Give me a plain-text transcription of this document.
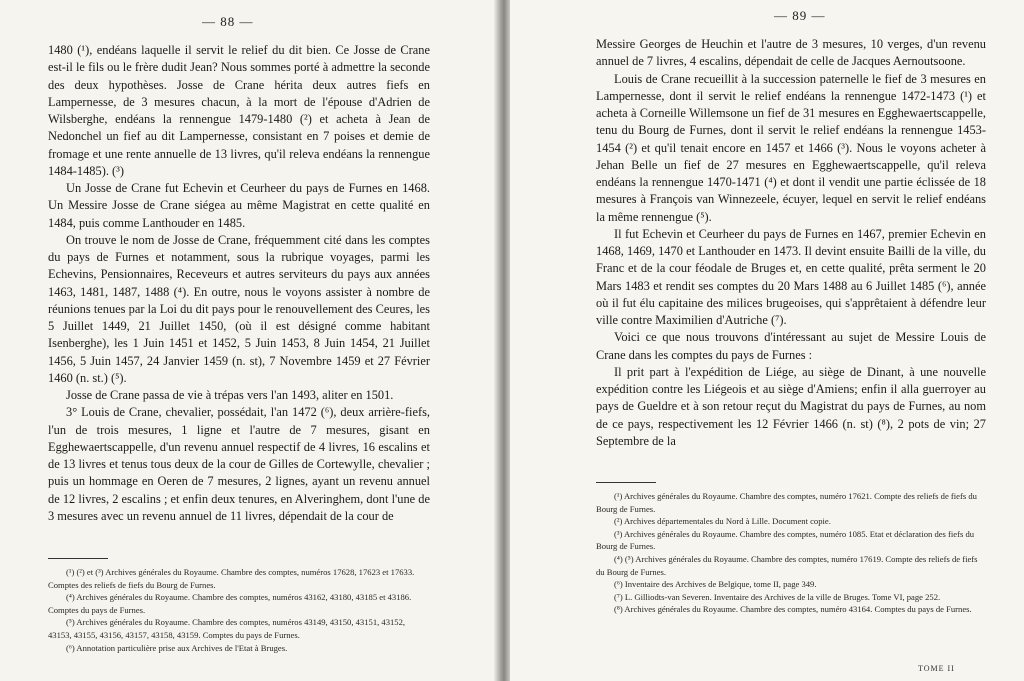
— 88 —

1480 (¹), endéans laquelle il servit le relief du dit bien. Ce Josse de Crane est-il le fils ou le frère dudit Jean? Nous sommes porté à admettre la seconde des deux hypothèses. Josse de Crane hérita deux autres fiefs en Lampernesse, de 3 mesures chacun, à la mort de l'épouse d'Adrien de Wilsberghe, endéans la rennengue 1479-1480 (²) et acheta à Jean de Nedonchel un fief au dit Lampernesse, consistant en 7 poises et demie de fromage et une rente annuelle de 13 livres, qu'il releva endéans la rennengue 1484-1485). (³)

Un Josse de Crane fut Echevin et Ceurheer du pays de Furnes en 1468. Un Messire Josse de Crane siégea au même Magistrat en cette qualité en 1484, puis comme Lanthouder en 1485.

On trouve le nom de Josse de Crane, fréquemment cité dans les comptes du pays de Furnes et notamment, sous la rubrique voyages, parmi les Echevins, Pensionnaires, Receveurs et autres serviteurs du pays aux années 1463, 1481, 1487, 1488 (⁴). En outre, nous le voyons assister à nombre de réunions tenues par la Loi du dit pays pour le renouvellement des Ceures, les 5 Juillet 1449, 21 Juillet 1450, (où il est désigné comme habitant Isenberghe), les 1 Juin 1451 et 1452, 5 Juin 1453, 8 Juin 1454, 21 Juillet 1456, 5 Juin 1457, 24 Janvier 1459 (n. st), 7 Novembre 1459 et 27 Février 1460 (n. st.) (⁵).

Josse de Crane passa de vie à trépas vers l'an 1493, aliter en 1501.

3° Louis de Crane, chevalier, possédait, l'an 1472 (⁶), deux arrière-fiefs, l'un de trois mesures, 1 ligne et l'autre de 7 mesures, gisant en Egghewaertscappelle, d'un revenu annuel respectif de 4 livres, 16 escalins et de 13 livres et tenus tous deux de la cour de Gilles de Cortewylle, chevalier ; puis un hommage en Oeren de 7 mesures, 2 lignes, ayant un revenu annuel de 12 livres, 2 escalins ; et enfin deux tenures, en Alveringhem, dont l'une de 3 mesures avec un revenu annuel de 11 livres, dépendait de la cour de

(¹) (²) et (³) Archives générales du Royaume. Chambre des comptes, numéros 17628, 17623 et 17633. Comptes des reliefs de fiefs du Bourg de Furnes.

(⁴) Archives générales du Royaume. Chambre des comptes, numéros 43162, 43180, 43185 et 43186. Comptes du pays de Furnes.

(⁵) Archives générales du Royaume. Chambre des comptes, numéros 43149, 43150, 43151, 43152, 43153, 43155, 43156, 43157, 43158, 43159. Comptes du pays de Furnes.

(⁶) Annotation particulière prise aux Archives de l'Etat à Bruges.

— 89 —

Messire Georges de Heuchin et l'autre de 3 mesures, 10 verges, d'un revenu annuel de 7 livres, 4 escalins, dépendait de celle de Jacques Aernoutsoone.

Louis de Crane recueillit à la succession paternelle le fief de 3 mesures en Lampernesse, dont il servit le relief endéans la rennengue 1472-1473 (¹) et acheta à Corneille Willemsone un fief de 31 mesures en Egghewaertscappelle, tenu du Bourg de Furnes, dont il servit le relief endéans la rennengue 1453-1454 (²) et qu'il tenait encore en 1457 et 1466 (³). Nous le voyons acheter à Jehan Belle un fief de 27 mesures en Egghewaertscappelle, qu'il releva endéans la rennengue 1470-1471 (⁴) et dont il vendit une partie éclissée de 18 mesures à François van Winnezeele, écuyer, lequel en servit le relief endéans la même rennengue (⁵).

Il fut Echevin et Ceurheer du pays de Furnes en 1467, premier Echevin en 1468, 1469, 1470 et Lanthouder en 1473. Il devint ensuite Bailli de la ville, du Franc et de la cour féodale de Bruges et, en cette qualité, prêta serment le 20 Mars 1483 et rendit ses comptes du 20 Mars 1488 au 6 Juillet 1485 (⁶), année où il fut élu capitaine des milices brugeoises, qui s'apprêtaient à défendre leur ville contre Maximilien d'Autriche (⁷).

Voici ce que nous trouvons d'intéressant au sujet de Messire Louis de Crane dans les comptes du pays de Furnes :

Il prit part à l'expédition de Liége, au siège de Dinant, à une nouvelle expédition contre les Liégeois et au siège d'Amiens; enfin il alla guerroyer au pays de Gueldre et à son retour reçut du Magistrat du pays de Furnes, au nom de ce pays, respectivement les 12 Février 1466 (n. st) (⁸), 2 pots de vin; 27 Septembre de la

(¹) Archives générales du Royaume. Chambre des comptes, numéro 17621. Compte des reliefs de fiefs du Bourg de Furnes.

(²) Archives départementales du Nord à Lille. Document copie.

(³) Archives générales du Royaume. Chambre des comptes, numéro 1085. Etat et déclaration des fiefs du Bourg de Furnes.

(⁴) (⁵) Archives générales du Royaume. Chambre des comptes, numéro 17619. Compte des reliefs de fiefs du Bourg de Furnes.

(⁶) Inventaire des Archives de Belgique, tome II, page 349.

(⁷) L. Gilliodts-van Severen. Inventaire des Archives de la ville de Bruges. Tome VI, page 252.

(⁸) Archives générales du Royaume. Chambre des comptes, numéro 43164. Comptes du pays de Furnes.

TOME II
